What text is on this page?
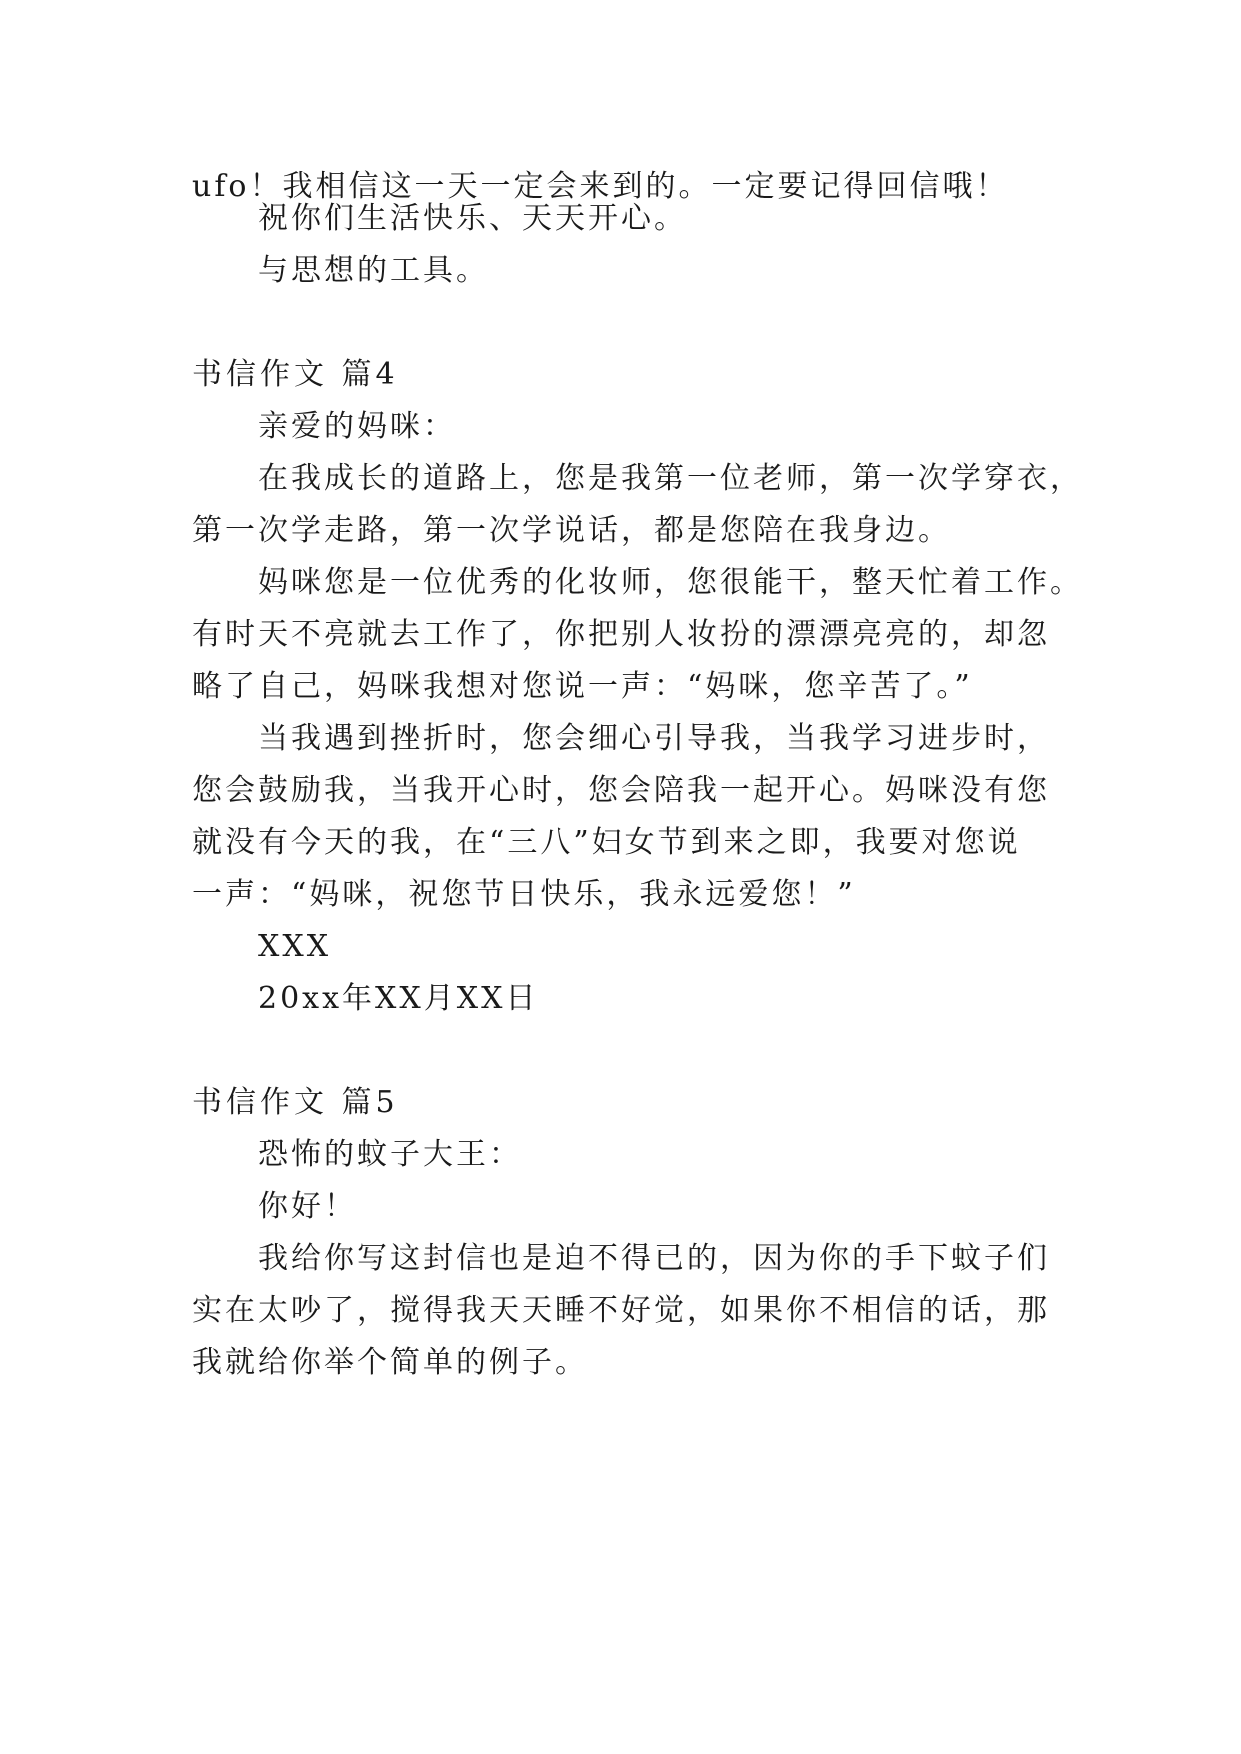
ufo！我相信这一天一定会来到的。一定要记得回信哦！
祝你们生活快乐、天天开心。
与思想的工具。
书信作文 篇4
亲爱的妈咪：
在我成长的道路上，您是我第一位老师，第一次学穿衣，
第一次学走路，第一次学说话，都是您陪在我身边。
妈咪您是一位优秀的化妆师，您很能干，整天忙着工作。
有时天不亮就去工作了，你把别人妆扮的漂漂亮亮的，却忽
略了自己，妈咪我想对您说一声：“妈咪，您辛苦了。”
当我遇到挫折时，您会细心引导我，当我学习进步时，
您会鼓励我，当我开心时，您会陪我一起开心。妈咪没有您
就没有今天的我，在“三八”妇女节到来之即，我要对您说
一声：“妈咪，祝您节日快乐，我永远爱您！”
XXX
20xx年XX月XX日
书信作文 篇5
恐怖的蚊子大王：
你好！
我给你写这封信也是迫不得已的，因为你的手下蚊子们
实在太吵了，搅得我天天睡不好觉，如果你不相信的话，那
我就给你举个简单的例子。
